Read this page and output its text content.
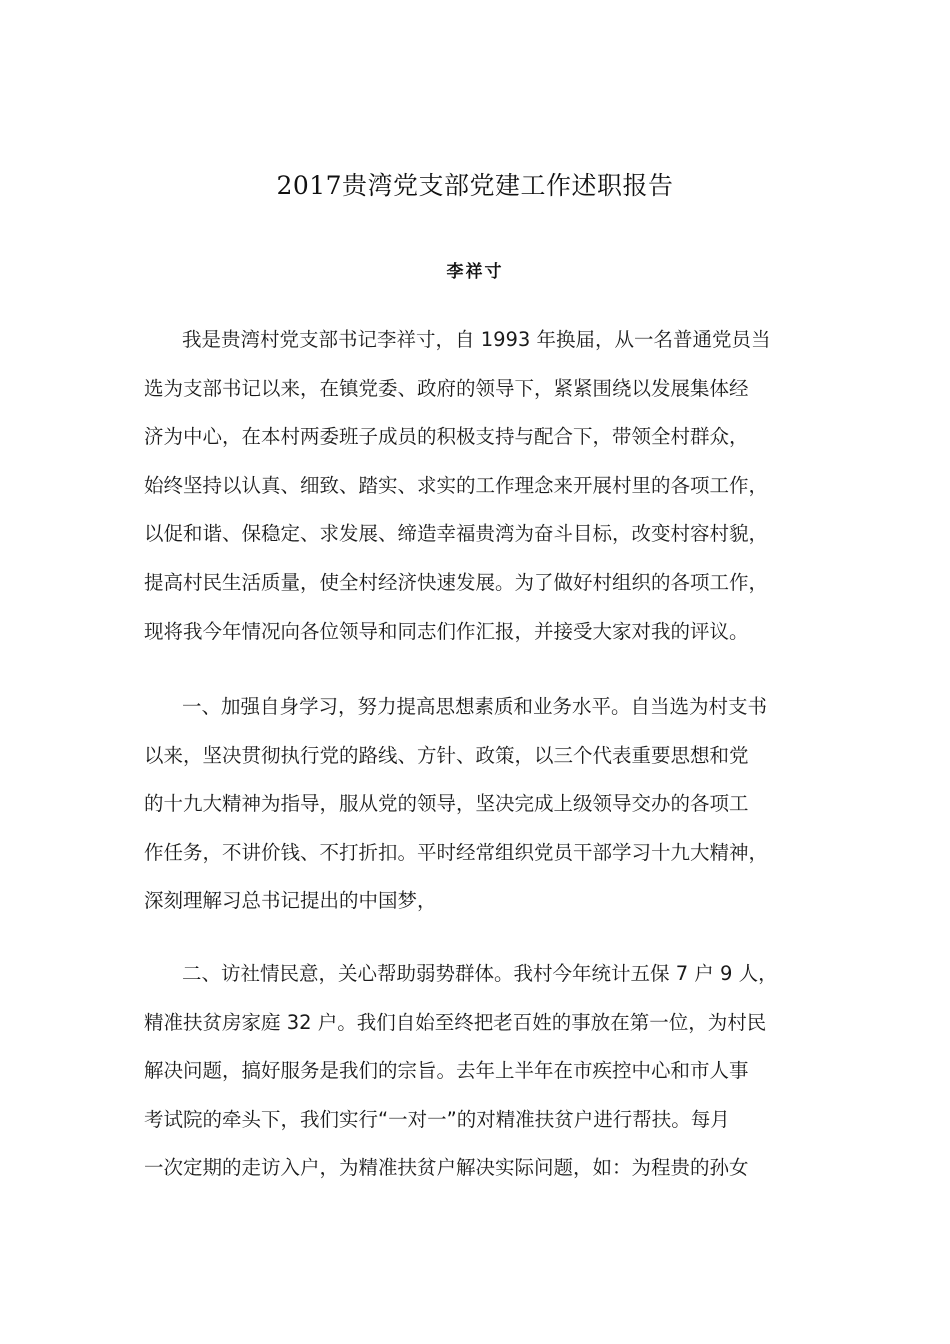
2017贵湾党支部党建工作述职报告
李祥寸
我是贵湾村党支部书记李祥寸，自 1993 年换届，从一名普通党员当
选为支部书记以来，在镇党委、政府的领导下，紧紧围绕以发展集体经
济为中心，在本村两委班子成员的积极支持与配合下，带领全村群众，
始终坚持以认真、细致、踏实、求实的工作理念来开展村里的各项工作，
以促和谐、保稳定、求发展、缔造幸福贵湾为奋斗目标，改变村容村貌，
提高村民生活质量，使全村经济快速发展。为了做好村组织的各项工作，
现将我今年情况向各位领导和同志们作汇报，并接受大家对我的评议。
一、加强自身学习，努力提高思想素质和业务水平。自当选为村支书
以来，坚决贯彻执行党的路线、方针、政策，以三个代表重要思想和党
的十九大精神为指导，服从党的领导，坚决完成上级领导交办的各项工
作任务，不讲价钱、不打折扣。平时经常组织党员干部学习十九大精神，
深刻理解习总书记提出的中国梦，
二、访社情民意，关心帮助弱势群体。我村今年统计五保 7 户 9 人，
精准扶贫房家庭 32 户。我们自始至终把老百姓的事放在第一位，为村民
解决问题，搞好服务是我们的宗旨。去年上半年在市疾控中心和市人事
考试院的牵头下，我们实行“一对一”的对精准扶贫户进行帮扶。每月
一次定期的走访入户，为精准扶贫户解决实际问题，如：为程贵的孙女
